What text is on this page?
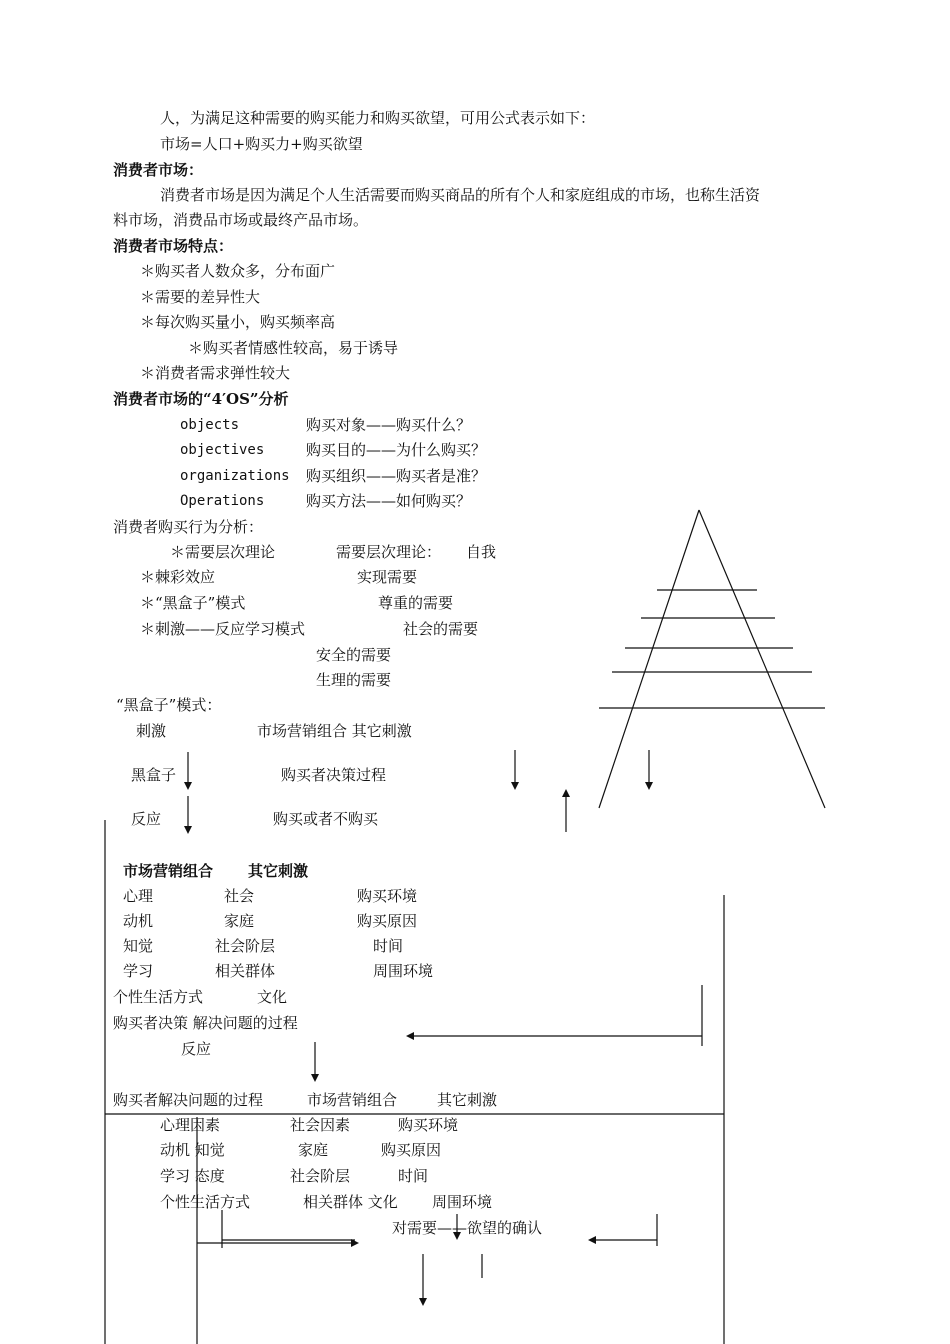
人，为满足这种需要的购买能力和购买欲望，可用公式表示如下：
市场=人口+购买力+购买欲望
消费者市场：
消费者市场是因为满足个人生活需要而购买商品的所有个人和家庭组成的市场，也称生活资
料市场，消费品市场或最终产品市场。
消费者市场特点：
＊购买者人数众多，分布面广
＊需要的差异性大
＊每次购买量小，购买频率高
＊购买者情感性较高，易于诱导
＊消费者需求弹性较大
消费者市场的“4′OS”分析
objects	购买对象——购买什么？
objectives	购买目的——为什么购买？
organizations 购买组织——购买者是准？
Operations	购买方法——如何购买？
消费者购买行为分析：
＊需要层次理论
＊棘彩效应
＊“黑盒子”模式
＊刺激——反应学习模式
需要层次理论： 自我
实现需要
尊重的需要
社会的需要
安全的需要
生理的需要
“黑盒子”模式：
刺激	市场营销组合 其它刺激
黑盒子	购买者决策过程
反应	购买或者不购买
市场营销组合 其它刺激
心理	社会	购买环境
动机	家庭	购买原因
知觉	社会阶层	时间
学习	相关群体	周围环境
个性生活方式	文化
购买者决策 解决问题的过程
反应
购买者解决问题的过程	市场营销组合	其它刺激
心理因素	社会因素	购买环境
动机 知觉	家庭	购买原因
学习 态度	社会阶层	时间
个性生活方式	相关群体 文化 周围环境
对需要——欲望的确认
